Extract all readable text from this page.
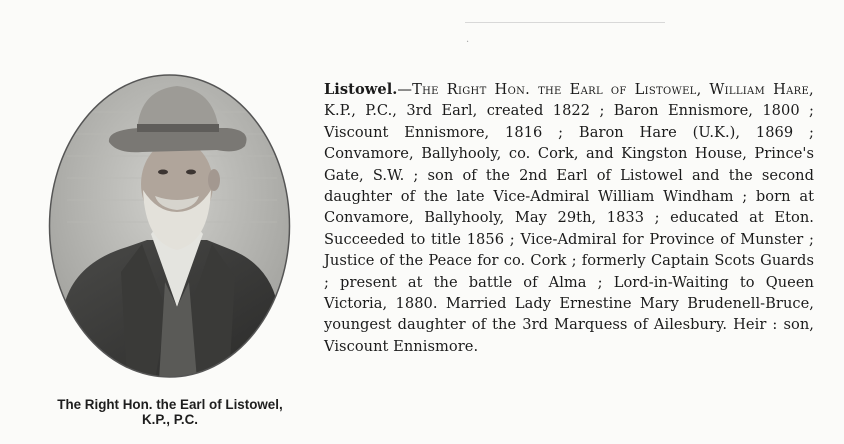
·
The Right Hon. the Earl of Listowel,
K.P., P.C.
Listowel.—The Right Hon. the Earl of Listowel, William Hare, K.P., P.C., 3rd Earl, created 1822 ; Baron Ennismore, 1800 ; Viscount Ennismore, 1816 ; Baron Hare (U.K.), 1869 ; Convamore, Ballyhooly, co. Cork, and Kingston House, Prince's Gate, S.W. ; son of the 2nd Earl of Listowel and the second daughter of the late Vice-Admiral William Windham ; born at Convamore, Ballyhooly, May 29th, 1833 ; educated at Eton. Succeeded to title 1856 ; Vice-Admiral for Province of Munster ; Justice of the Peace for co. Cork ; formerly Captain Scots Guards ; present at the battle of Alma ; Lord-in-Waiting to Queen Victoria, 1880. Married Lady Ernestine Mary Brudenell-Bruce, youngest daughter of the 3rd Marquess of Ailesbury. Heir : son, Viscount Ennismore.
